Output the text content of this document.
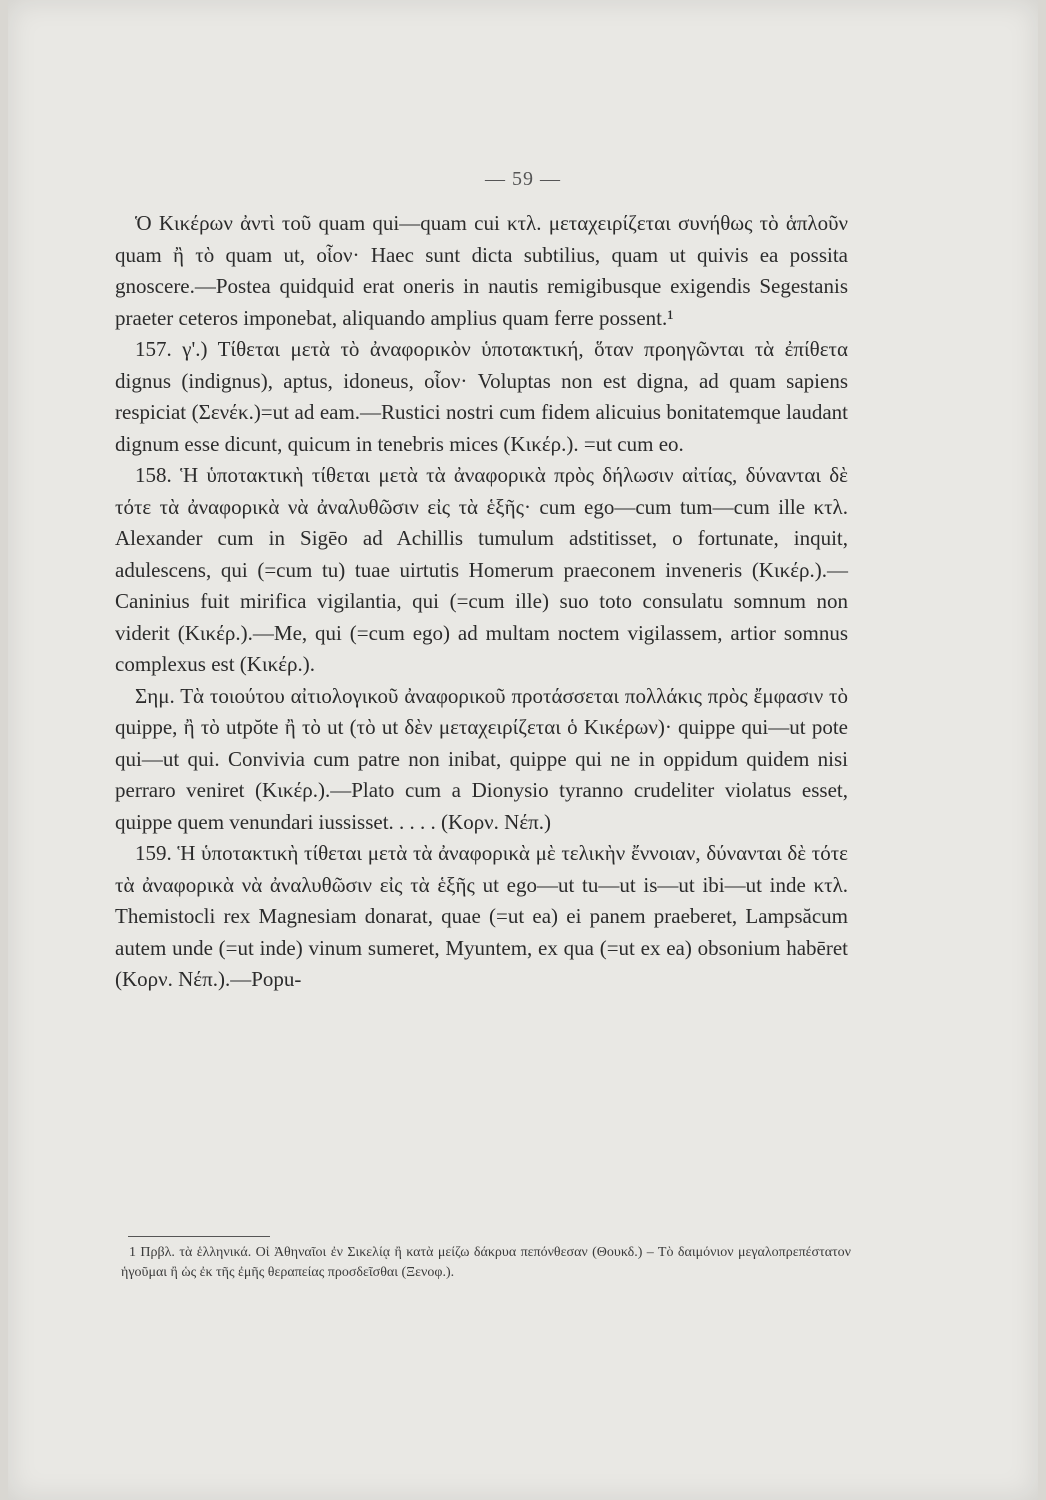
— 59 —

Ὁ Κικέρων ἀντὶ τοῦ quam qui—quam cui κτλ. μεταχειρίζεται συνήθως τὸ ἁπλοῦν quam ἢ τὸ quam ut, οἷον· Haec sunt dicta subtilius, quam ut quivis ea possita gnoscere.—Postea quidquid erat oneris in nautis remigibusque exigendis Segestanis praeter ceteros imponebat, aliquando amplius quam ferre possent.¹

157. γ'.) Τίθεται μετὰ τὸ ἀναφορικὸν ὑποτακτική, ὅταν προηγῶνται τὰ ἐπίθετα dignus (indignus), aptus, idoneus, οἷον· Voluptas non est digna, ad quam sapiens respiciat (Σενέκ.)=ut ad eam.—Rustici nostri cum fidem alicuius bonitatemque laudant dignum esse dicunt, quicum in tenebris mices (Κικέρ.). =ut cum eo.

158. Ἡ ὑποτακτικὴ τίθεται μετὰ τὰ ἀναφορικὰ πρὸς δήλωσιν αἰτίας, δύνανται δὲ τότε τὰ ἀναφορικὰ νὰ ἀναλυθῶσιν εἰς τὰ ἑξῆς· cum ego—cum tum—cum ille κτλ. Alexander cum in Sigēo ad Achillis tumulum adstitisset, o fortunate, inquit, adulescens, qui (=cum tu) tuae uirtutis Homerum praeconem inveneris (Κικέρ.).—Caninius fuit mirifica vigilantia, qui (=cum ille) suo toto consulatu somnum non viderit (Κικέρ.).—Me, qui (=cum ego) ad multam noctem vigilassem, artior somnus complexus est (Κικέρ.).

Σημ. Τὰ τοιούτου αἰτιολογικοῦ ἀναφορικοῦ προτάσσεται πολλάκις πρὸς ἔμφασιν τὸ quippe, ἢ τὸ utpŏte ἢ τὸ ut (τὸ ut δὲν μεταχειρίζεται ὁ Κικέρων)· quippe qui—ut pote qui—ut qui. Convivia cum patre non inibat, quippe qui ne in oppidum quidem nisi perraro veniret (Κικέρ.).—Plato cum a Dionysio tyranno crudeliter violatus esset, quippe quem venundari iussisset. . . . . (Κορν. Νέπ.)

159. Ἡ ὑποτακτικὴ τίθεται μετὰ τὰ ἀναφορικὰ μὲ τελικὴν ἔννοιαν, δύνανται δὲ τότε τὰ ἀναφορικὰ νὰ ἀναλυθῶσιν εἰς τὰ ἑξῆς ut ego—ut tu—ut is—ut ibi—ut inde κτλ. Themistocli rex Magnesiam donarat, quae (=ut ea) ei panem praeberet, Lampsăcum autem unde (=ut inde) vinum sumeret, Myuntem, ex qua (=ut ex ea) obsonium habēret (Κορν. Νέπ.).—Popu-

1 Πρβλ. τὰ ἑλληνικά. Οἱ Ἀθηναῖοι ἐν Σικελίᾳ ἢ κατὰ μείζω δάκρυα πεπόνθεσαν (Θουκδ.) – Τὸ δαιμόνιον μεγαλοπρεπέστατον ἡγοῦμαι ἢ ὡς ἐκ τῆς ἐμῆς θεραπείας προσδεῖσθαι (Ξενοφ.).
